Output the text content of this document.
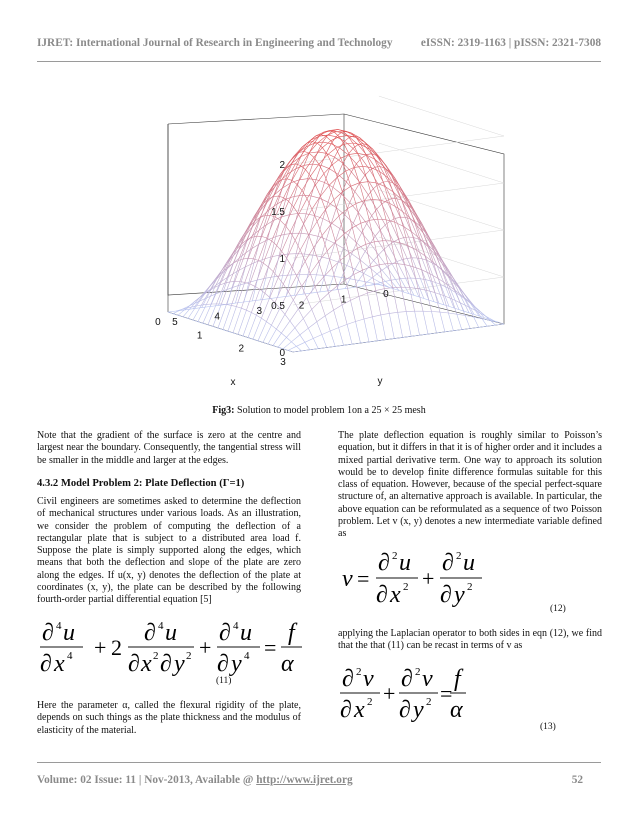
IJRET: International Journal of Research in Engineering and Technology	eISSN: 2319-1163 | pISSN: 2321-7308
0
0.5
1
1.5
2
3
2
1
0 5
4
3
2
1
0
x	y
Fig3: Solution to model problem 1on a 25 × 25 mesh

Note that the gradient of the surface is zero at the centre and largest near the boundary. Consequently, the tangential stress will be smaller in the middle and larger at the edges.

4.3.2 Model Problem 2: Plate Deflection (Γ=1)

Civil engineers are sometimes asked to determine the deflection of mechanical structures under various loads. As an illustration, we consider the problem of computing the deflection of a rectangular plate that is subject to a distributed area load f. Suppose the plate is simply supported along the edges, which means that both the deflection and slope of the plate are zero along the edges. If u(x, y) denotes the deflection of the plate at coordinates (x, y), the plate can be described by the following fourth-order partial differential equation [5]

∂ 4 u
∂ x 4 + 2
∂ 4 u
∂ x 2 ∂ y 2 +
∂ 4 u
∂ y 4 =
f
α
(11)

Here the parameter α, called the flexural rigidity of the plate, depends on such things as the plate thickness and the modulus of elasticity of the material.

The plate deflection equation is roughly similar to Poisson’s equation, but it differs in that it is of higher order and it includes a mixed partial derivative term. One way to approach its solution would be to develop finite difference formulas suitable for this class of equation. However, because of the special perfect-square structure of, an alternative approach is available. In particular, the above equation can be reformulated as a sequence of two Poisson problem. Let v (x, y) denotes a new intermediate variable defined as

v =
∂ 2 u
∂ x 2 +
∂ 2 u
∂ y 2
(12)

applying the Laplacian operator to both sides in eqn (12), we find that the that (11) can be recast in terms of v as

∂ 2 v
∂ x 2 +
∂ 2 v
∂ y 2 =
f
α
(13)
Volume: 02 Issue: 11 | Nov-2013, Available @ http://www.ijret.org	52
